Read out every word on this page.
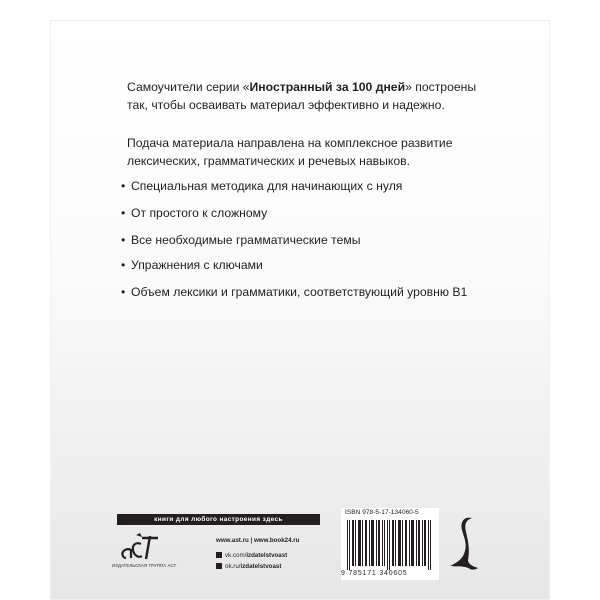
Самоучители серии «Иностранный за 100 дней» построены
так, чтобы осваивать материал эффективно и надежно.
Подача материала направлена на комплексное развитие
лексических, грамматических и речевых навыков.
• Специальная методика для начинающих с нуля
• От простого к сложному
• Все необходимые грамматические темы
• Упражнения с ключами
• Объем лексики и грамматики, соответствующий уровню B1
книги для любого настроения здесь
ИЗДАТЕЛЬСКАЯ ГРУППА АСТ
www.ast.ru | www.book24.ru
vk.com/izdatelstvoast
ok.ru/izdatelstvoast
ISBN 978-5-17-134060-5
9 785171 340605
